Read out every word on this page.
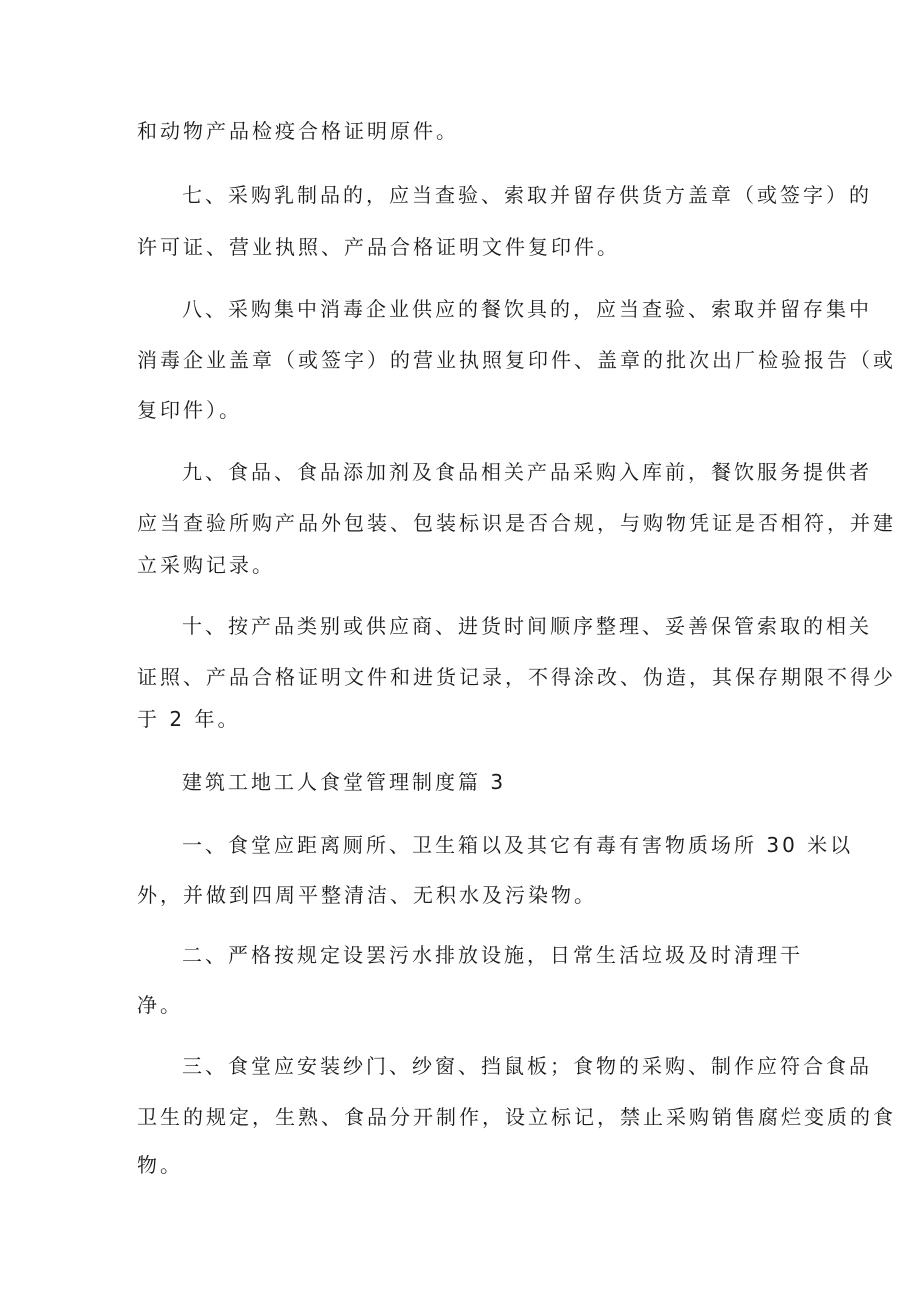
和动物产品检疫合格证明原件。
七、采购乳制品的，应当查验、索取并留存供货方盖章（或签字）的
许可证、营业执照、产品合格证明文件复印件。
八、采购集中消毒企业供应的餐饮具的，应当查验、索取并留存集中
消毒企业盖章（或签字）的营业执照复印件、盖章的批次出厂检验报告（或
复印件）。
九、食品、食品添加剂及食品相关产品采购入库前，餐饮服务提供者
应当查验所购产品外包装、包装标识是否合规，与购物凭证是否相符，并建
立采购记录。
十、按产品类别或供应商、进货时间顺序整理、妥善保管索取的相关
证照、产品合格证明文件和进货记录，不得涂改、伪造，其保存期限不得少
于 2 年。
建筑工地工人食堂管理制度篇 3
一、食堂应距离厕所、卫生箱以及其它有毒有害物质场所 30 米以
外，并做到四周平整清洁、无积水及污染物。
二、严格按规定设罢污水排放设施，日常生活垃圾及时清理干
净。
三、食堂应安装纱门、纱窗、挡鼠板；食物的采购、制作应符合食品
卫生的规定，生熟、食品分开制作，设立标记，禁止采购销售腐烂变质的食
物。
